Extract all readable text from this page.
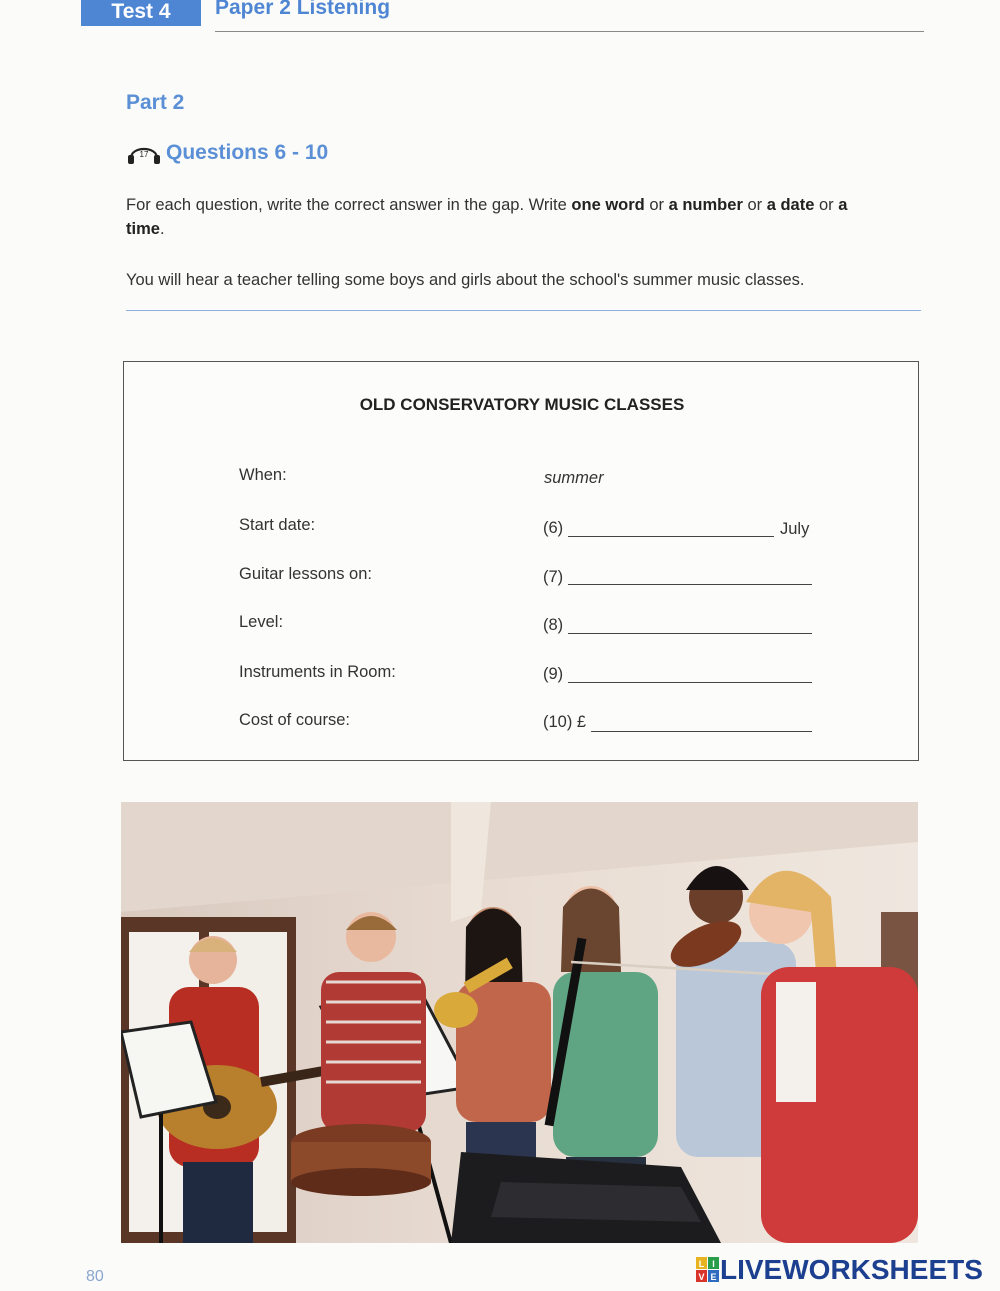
Test 4	Paper 2 Listening
Part 2
17 Questions 6 - 10
For each question, write the correct answer in the gap. Write one word or a number or a date or a
time.
You will hear a teacher telling some boys and girls about the school's summer music classes.
OLD CONSERVATORY MUSIC CLASSES
When:	summer
Start date:	(6)	July
Guitar lessons on:	(7)
Level:	(8)
Instruments in Room:	(9)
Cost of course:	(10) £
80
L I
V E LIVEWORKSHEETS
